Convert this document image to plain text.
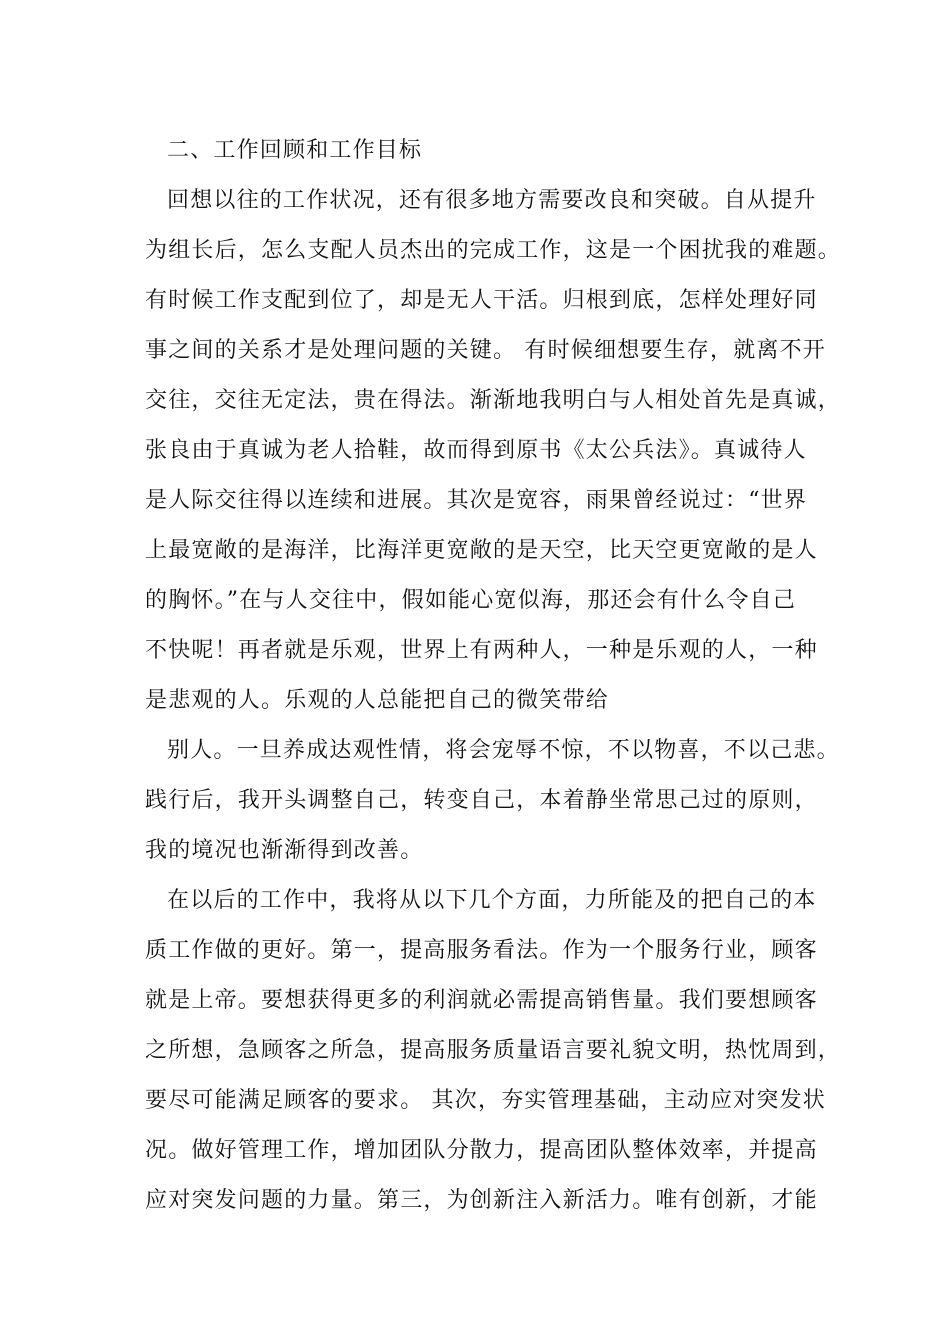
二、工作回顾和工作目标
回想以往的工作状况，还有很多地方需要改良和突破。自从提升
为组长后，怎么支配人员杰出的完成工作，这是一个困扰我的难题。
有时候工作支配到位了，却是无人干活。归根到底，怎样处理好同
事之间的关系才是处理问题的关键。 有时候细想要生存，就离不开
交往，交往无定法，贵在得法。渐渐地我明白与人相处首先是真诚，
张良由于真诚为老人拾鞋，故而得到原书《太公兵法》。真诚待人
是人际交往得以连续和进展。其次是宽容，雨果曾经说过：“世界
上最宽敞的是海洋，比海洋更宽敞的是天空，比天空更宽敞的是人
的胸怀。”在与人交往中，假如能心宽似海，那还会有什么令自己
不快呢！再者就是乐观，世界上有两种人，一种是乐观的人，一种
是悲观的人。乐观的人总能把自己的微笑带给
别人。一旦养成达观性情，将会宠辱不惊，不以物喜，不以己悲。
践行后，我开头调整自己，转变自己，本着静坐常思己过的原则，
我的境况也渐渐得到改善。
在以后的工作中，我将从以下几个方面，力所能及的把自己的本
质工作做的更好。第一，提高服务看法。作为一个服务行业，顾客
就是上帝。要想获得更多的利润就必需提高销售量。我们要想顾客
之所想，急顾客之所急，提高服务质量语言要礼貌文明，热忱周到，
要尽可能满足顾客的要求。 其次，夯实管理基础，主动应对突发状
况。做好管理工作，增加团队分散力，提高团队整体效率，并提高
应对突发问题的力量。第三，为创新注入新活力。唯有创新，才能
